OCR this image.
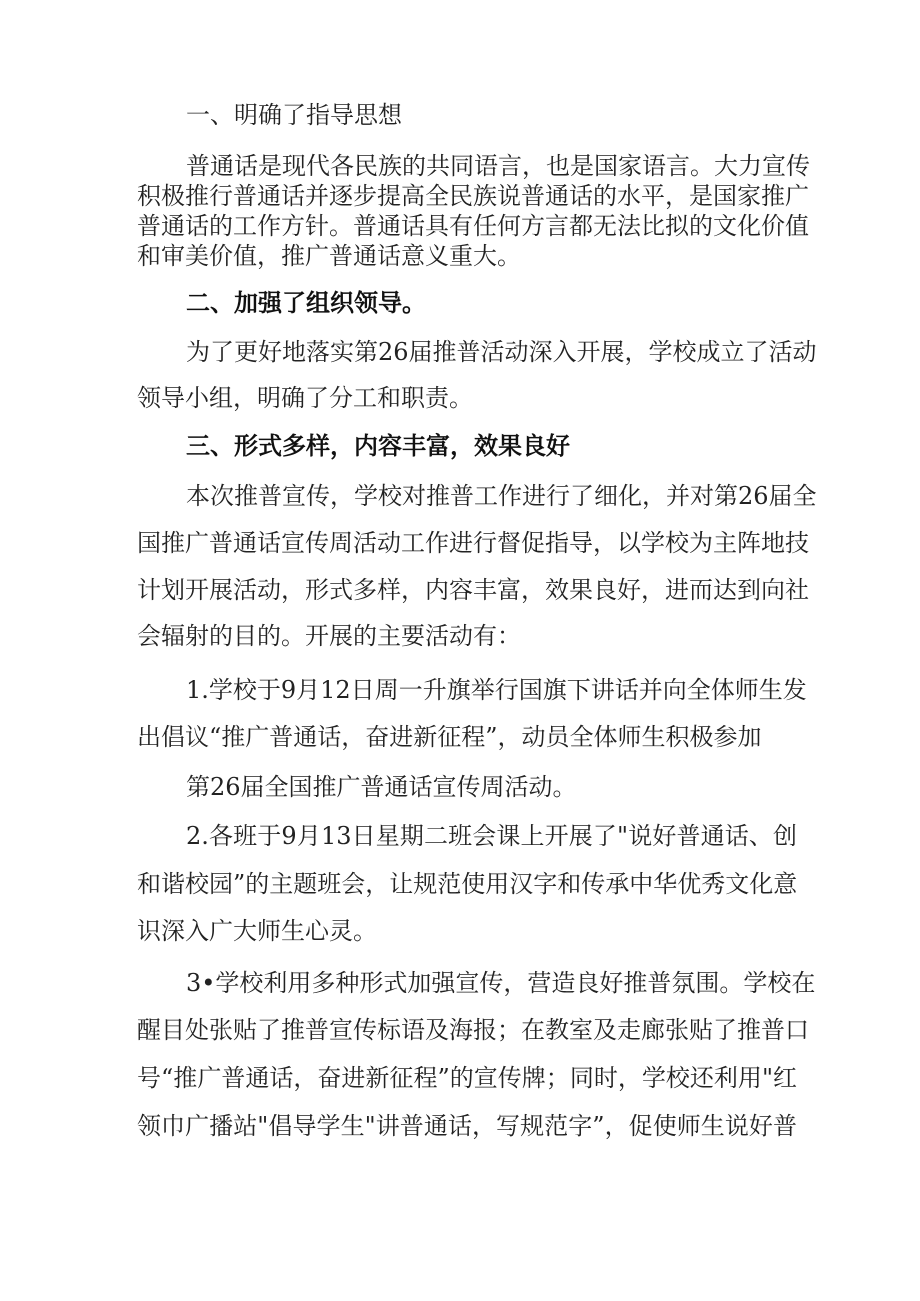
一、明确了指导思想
普通话是现代各民族的共同语言，也是国家语言。大力宣传
积极推行普通话并逐步提高全民族说普通话的水平，是国家推广
普通话的工作方针。普通话具有任何方言都无法比拟的文化价值
和审美价值，推广普通话意义重大。
二、加强了组织领导。
为了更好地落实第26届推普活动深入开展，学校成立了活动
领导小组，明确了分工和职责。
三、形式多样，内容丰富，效果良好
本次推普宣传，学校对推普工作进行了细化，并对第26届全
国推广普通话宣传周活动工作进行督促指导，以学校为主阵地技
计划开展活动，形式多样，内容丰富，效果良好，进而达到向社
会辐射的目的。开展的主要活动有：
1.学校于9月12日周一升旗举行国旗下讲话并向全体师生发
出倡议“推广普通话，奋进新征程”，动员全体师生积极参加
第26届全国推广普通话宣传周活动。
2.各班于9月13日星期二班会课上开展了"说好普通话、创
和谐校园”的主题班会，让规范使用汉字和传承中华优秀文化意
识深入广大师生心灵。
3•学校利用多种形式加强宣传，营造良好推普氛围。学校在
醒目处张贴了推普宣传标语及海报；在教室及走廊张贴了推普口
号“推广普通话，奋进新征程”的宣传牌；同时，学校还利用"红
领巾广播站"倡导学生"讲普通话，写规范字”，促使师生说好普
